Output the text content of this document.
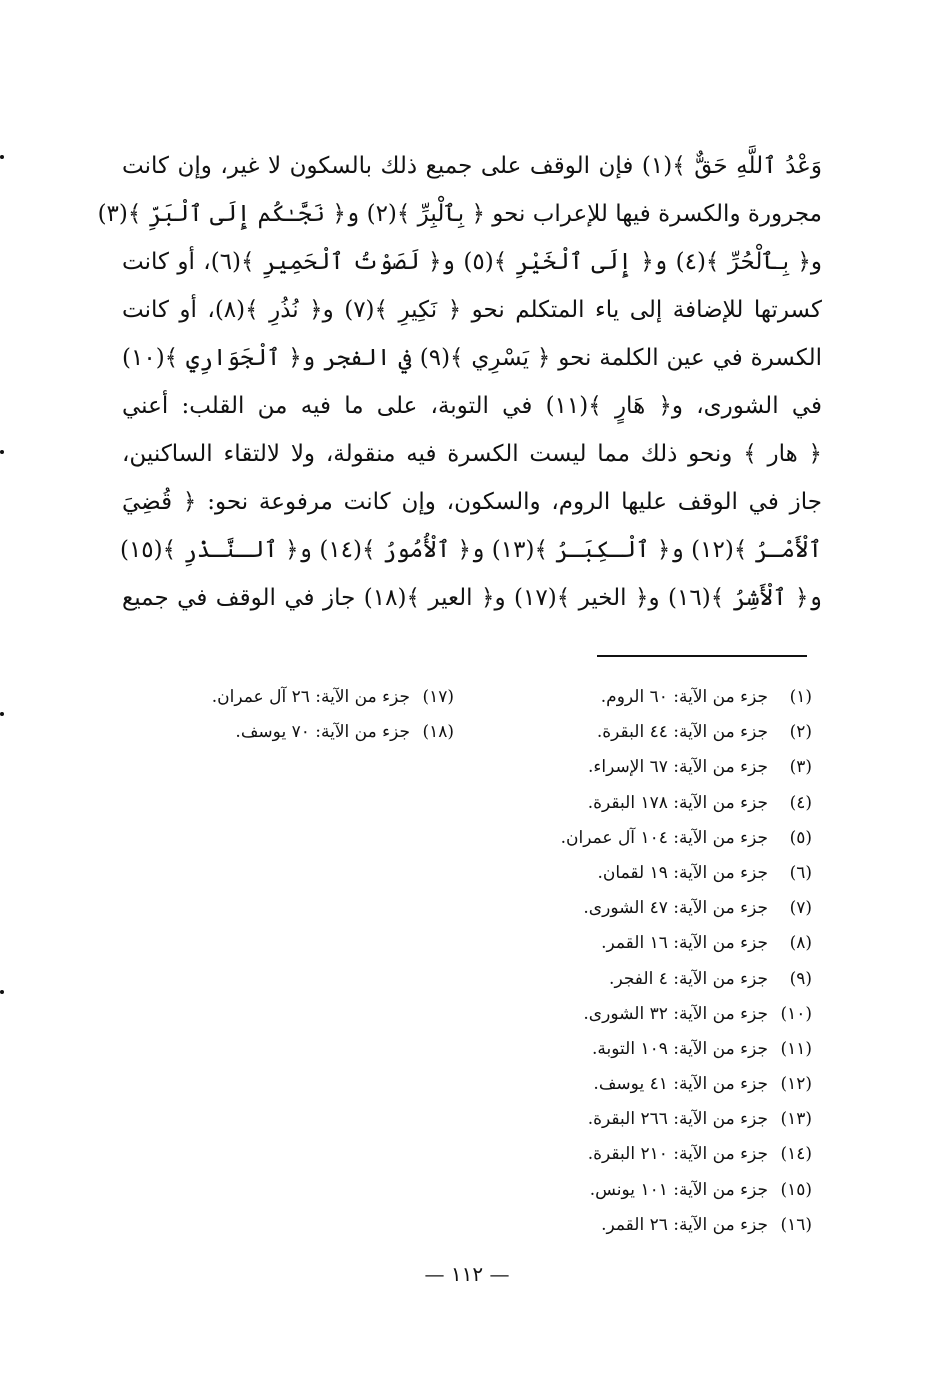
وَعْدُ ٱللَّهِ حَقٌّ ﴾(١) فإن الوقف على جميع ذلك بالسكون لا غير، وإن كانت
مجرورة والكسرة فيها للإعراب نحو ﴿ بِٱلْبِرِّ ﴾(٢) و﴿ نَجَّـٰكُم إِلَى ٱلْبَرِّ ﴾(٣)
و﴿ بِـٱلْحُرِّ ﴾(٤) و﴿ إِلَى ٱلْخَيْرِ ﴾(٥) و﴿ لَصَوْتُ ٱلْحَمِيرِ ﴾(٦)، أو كانت
كسرتها للإضافة إلى ياء المتكلم نحو ﴿ نَكِيرِ ﴾(٧) و﴿ نُذُرِ ﴾(٨)، أو كانت
الكسرة في عين الكلمة نحو ﴿ يَسْرِي ﴾(٩) في الفجر و﴿ ٱلْجَوَارِي ﴾(١٠)
في الشورى، و﴿ هَارٍ ﴾(١١) في التوبة، على ما فيه من القلب: أعني
﴿ هار ﴾ ونحو ذلك مما ليست الكسرة فيه منقولة، ولا لالتقاء الساكنين،
جاز في الوقف عليها الروم، والسكون، وإن كانت مرفوعة نحو: ﴿ قُضِيَ
ٱلْأَمْـرُ ﴾(١٢) و﴿ ٱلْـكِبَـرُ ﴾(١٣) و﴿ ٱلْأُمُورُ ﴾(١٤) و﴿ ٱلـنَّـذْرِ ﴾(١٥)
و﴿ ٱلْأَشِرُ ﴾(١٦) و﴿ الخير ﴾(١٧) و﴿ العير ﴾(١٨) جاز في الوقف في جميع
(١)
جزء من الآية: ٦٠ الروم.
(٢)
جزء من الآية: ٤٤ البقرة.
(٣)
جزء من الآية: ٦٧ الإسراء.
(٤)
جزء من الآية: ١٧٨ البقرة.
(٥)
جزء من الآية: ١٠٤ آل عمران.
(٦)
جزء من الآية: ١٩ لقمان.
(٧)
جزء من الآية: ٤٧ الشورى.
(٨)
جزء من الآية: ١٦ القمر.
(٩)
جزء من الآية: ٤ الفجر.
(١٠)
جزء من الآية: ٣٢ الشورى.
(١١)
جزء من الآية: ١٠٩ التوبة.
(١٢)
جزء من الآية: ٤١ يوسف.
(١٣)
جزء من الآية: ٢٦٦ البقرة.
(١٤)
جزء من الآية: ٢١٠ البقرة.
(١٥)
جزء من الآية: ١٠١ يونس.
(١٦)
جزء من الآية: ٢٦ القمر.
(١٧)
جزء من الآية: ٢٦ آل عمران.
(١٨)
جزء من الآية: ٧٠ يوسف.
— ١١٢ —
